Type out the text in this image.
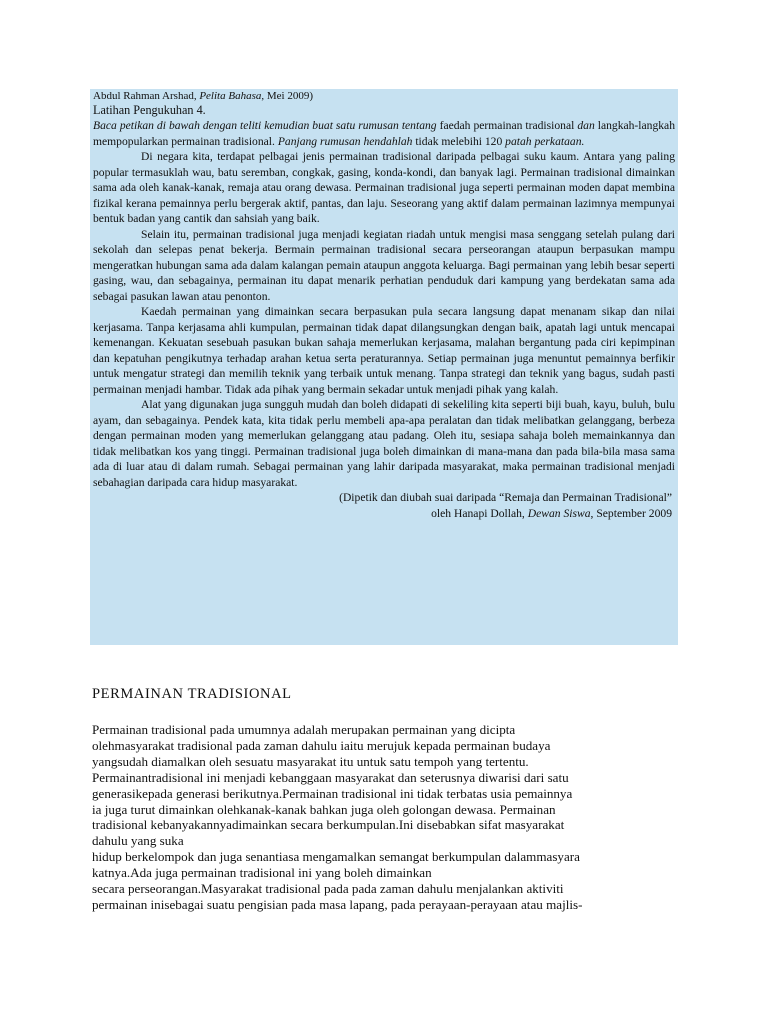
Abdul Rahman Arshad, Pelita Bahasa, Mei 2009)

Latihan Pengukuhan 4.

Baca petikan di bawah dengan teliti kemudian buat satu rumusan tentang faedah permainan tradisional dan langkah-langkah mempopularkan permainan tradisional. Panjang rumusan hendahlah tidak melebihi 120 patah perkataan.

Di negara kita, terdapat pelbagai jenis permainan tradisional daripada pelbagai suku kaum. Antara yang paling popular termasuklah wau, batu seremban, congkak, gasing, konda-kondi, dan banyak lagi. Permainan tradisional dimainkan sama ada oleh kanak-kanak, remaja atau orang dewasa. Permainan tradisional juga seperti permainan moden dapat membina fizikal kerana pemainnya perlu bergerak aktif, pantas, dan laju. Seseorang yang aktif dalam permainan lazimnya mempunyai bentuk badan yang cantik dan sahsiah yang baik.

Selain itu, permainan tradisional juga menjadi kegiatan riadah untuk mengisi masa senggang setelah pulang dari sekolah dan selepas penat bekerja. Bermain permainan tradisional secara perseorangan ataupun berpasukan mampu mengeratkan hubungan sama ada dalam kalangan pemain ataupun anggota keluarga. Bagi permainan yang lebih besar seperti gasing, wau, dan sebagainya, permainan itu dapat menarik perhatian penduduk dari kampung yang berdekatan sama ada sebagai pasukan lawan atau penonton.

Kaedah permainan yang dimainkan secara berpasukan pula secara langsung dapat menanam sikap dan nilai kerjasama. Tanpa kerjasama ahli kumpulan, permainan tidak dapat dilangsungkan dengan baik, apatah lagi untuk mencapai kemenangan. Kekuatan sesebuah pasukan bukan sahaja memerlukan kerjasama, malahan bergantung pada ciri kepimpinan dan kepatuhan pengikutnya terhadap arahan ketua serta peraturannya. Setiap permainan juga menuntut pemainnya berfikir untuk mengatur strategi dan memilih teknik yang terbaik untuk menang. Tanpa strategi dan teknik yang bagus, sudah pasti permainan menjadi hambar. Tidak ada pihak yang bermain sekadar untuk menjadi pihak yang kalah.

Alat yang digunakan juga sungguh mudah dan boleh didapati di sekeliling kita seperti biji buah, kayu, buluh, bulu ayam, dan sebagainya. Pendek kata, kita tidak perlu membeli apa-apa peralatan dan tidak melibatkan gelanggang, berbeza dengan permainan moden yang memerlukan gelanggang atau padang. Oleh itu, sesiapa sahaja boleh memainkannya dan tidak melibatkan kos yang tinggi. Permainan tradisional juga boleh dimainkan di mana-mana dan pada bila-bila masa sama ada di luar atau di dalam rumah. Sebagai permainan yang lahir daripada masyarakat, maka permainan tradisional menjadi sebahagian daripada cara hidup masyarakat.

(Dipetik dan diubah suai daripada “Remaja dan Permainan Tradisional”

oleh Hanapi Dollah, Dewan Siswa, September 2009

PERMAINAN TRADISIONAL

Permainan tradisional pada umumnya adalah merupakan permainan yang dicipta

olehmasyarakat tradisional pada zaman dahulu iaitu merujuk kepada permainan budaya

yangsudah diamalkan oleh sesuatu masyarakat itu untuk satu tempoh yang tertentu.

Permainantradisional ini menjadi kebanggaan masyarakat dan seterusnya diwarisi dari satu

generasikepada generasi berikutnya.Permainan tradisional ini tidak terbatas usia pemainnya

ia juga turut dimainkan olehkanak-kanak bahkan juga oleh golongan dewasa. Permainan

tradisional kebanyakannyadimainkan secara berkumpulan.Ini disebabkan sifat masyarakat

dahulu yang suka

hidup berkelompok dan juga senantiasa mengamalkan semangat berkumpulan dalammasyara

katnya.Ada juga permainan tradisional ini yang boleh dimainkan

secara perseorangan.Masyarakat tradisional pada pada zaman dahulu menjalankan aktiviti

permainan inisebagai suatu pengisian pada masa lapang, pada perayaan-perayaan atau majlis-
